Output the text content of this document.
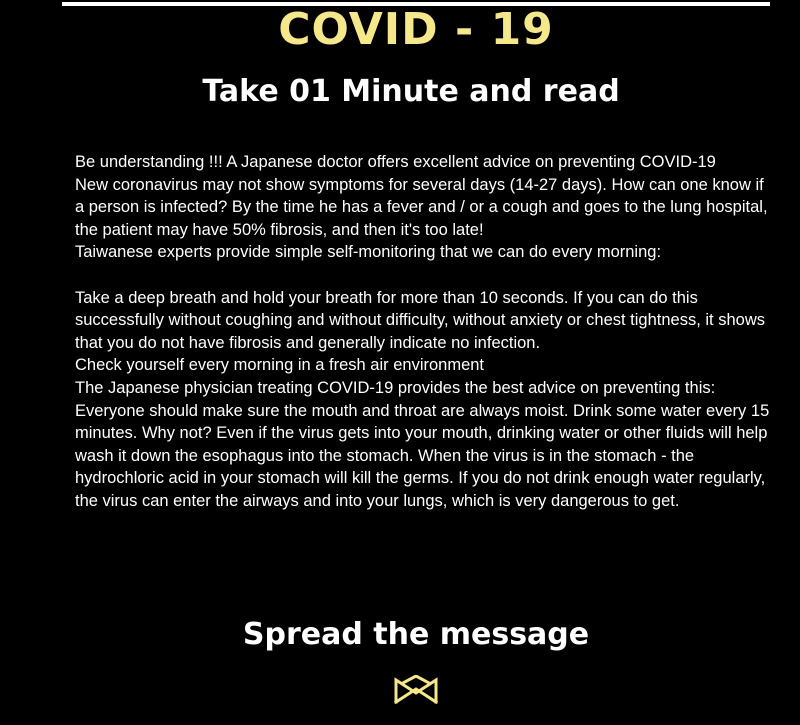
COVID - 19
Take 01 Minute and read

Be understanding !!! A Japanese doctor offers excellent advice on preventing COVID-19

New coronavirus may not show symptoms for several days (14-27 days). How can one know if a person is infected? By the time he has a fever and / or a cough and goes to the lung hospital, the patient may have 50% fibrosis, and then it's too late!

Taiwanese experts provide simple self-monitoring that we can do every morning:

Take a deep breath and hold your breath for more than 10 seconds. If you can do this successfully without coughing and without difficulty, without anxiety or chest tightness, it shows that you do not have fibrosis and generally indicate no infection.

Check yourself every morning in a fresh air environment

The Japanese physician treating COVID-19 provides the best advice on preventing this:

Everyone should make sure the mouth and throat are always moist. Drink some water every 15 minutes. Why not? Even if the virus gets into your mouth, drinking water or other fluids will help wash it down the esophagus into the stomach. When the virus is in the stomach - the hydrochloric acid in your stomach will kill the germs. If you do not drink enough water regularly, the virus can enter the airways and into your lungs, which is very dangerous to get.

Spread the message
